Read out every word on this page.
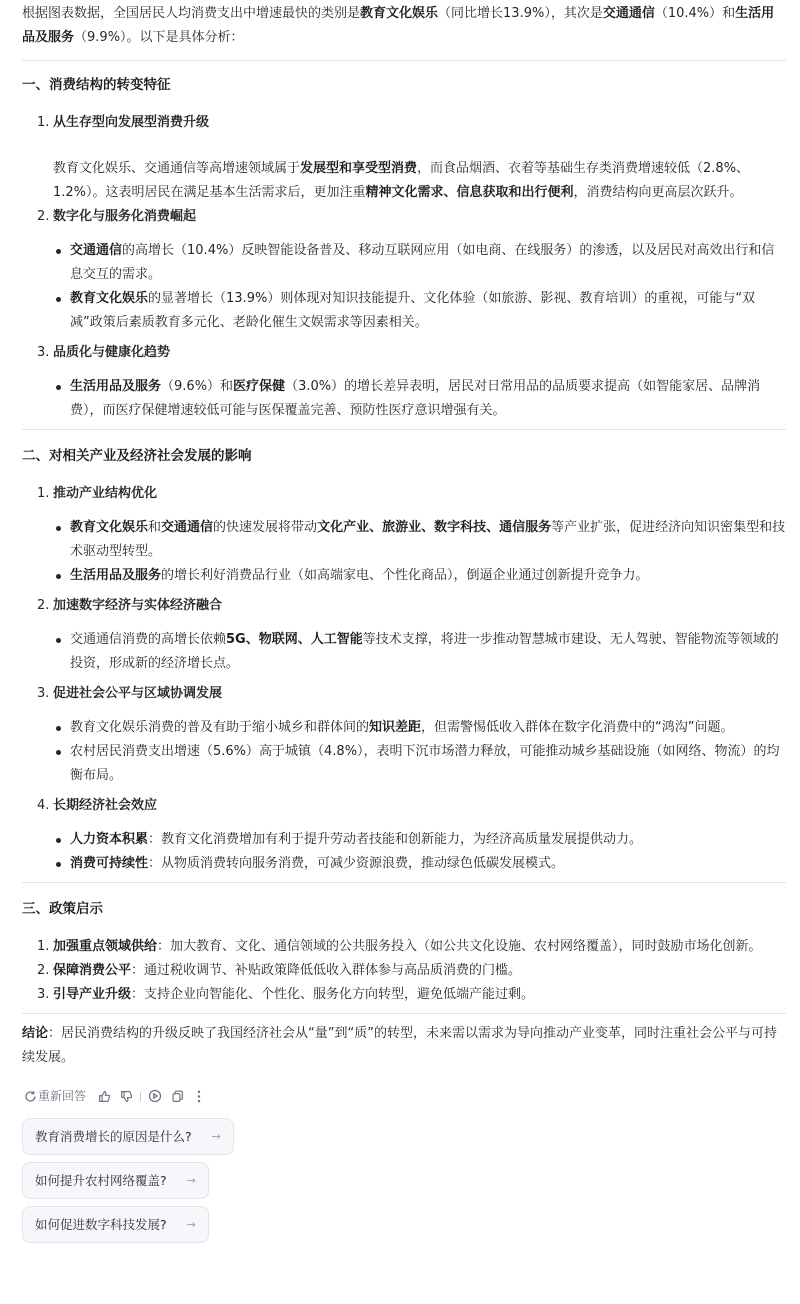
根据图表数据，全国居民人均消费支出中增速最快的类别是教育文化娱乐（同比增长13.9%），其次是交通通信（10.4%）和生活用品及服务（9.9%）。以下是具体分析：

一、消费结构的转变特征
1. 从生存型向发展型消费升级

教育文化娱乐、交通通信等高增速领域属于发展型和享受型消费，而食品烟酒、衣着等基础生存类消费增速较低（2.8%、1.2%）。这表明居民在满足基本生活需求后，更加注重精神文化需求、信息获取和出行便利，消费结构向更高层次跃升。

2. 数字化与服务化消费崛起
交通通信的高增长（10.4%）反映智能设备普及、移动互联网应用（如电商、在线服务）的渗透，以及居民对高效出行和信息交互的需求。
教育文化娱乐的显著增长（13.9%）则体现对知识技能提升、文化体验（如旅游、影视、教育培训）的重视，可能与“双减”政策后素质教育多元化、老龄化催生文娱需求等因素相关。
3. 品质化与健康化趋势
生活用品及服务（9.6%）和医疗保健（3.0%）的增长差异表明，居民对日常用品的品质要求提高（如智能家居、品牌消费），而医疗保健增速较低可能与医保覆盖完善、预防性医疗意识增强有关。
二、对相关产业及经济社会发展的影响
1. 推动产业结构优化
教育文化娱乐和交通通信的快速发展将带动文化产业、旅游业、数字科技、通信服务等产业扩张，促进经济向知识密集型和技术驱动型转型。
生活用品及服务的增长利好消费品行业（如高端家电、个性化商品），倒逼企业通过创新提升竞争力。
2. 加速数字经济与实体经济融合
交通通信消费的高增长依赖5G、物联网、人工智能等技术支撑，将进一步推动智慧城市建设、无人驾驶、智能物流等领域的投资，形成新的经济增长点。
3. 促进社会公平与区域协调发展
教育文化娱乐消费的普及有助于缩小城乡和群体间的知识差距，但需警惕低收入群体在数字化消费中的“鸿沟”问题。
农村居民消费支出增速（5.6%）高于城镇（4.8%），表明下沉市场潜力释放，可能推动城乡基础设施（如网络、物流）的均衡布局。
4. 长期经济社会效应
人力资本积累：教育文化消费增加有利于提升劳动者技能和创新能力，为经济高质量发展提供动力。
消费可持续性：从物质消费转向服务消费，可减少资源浪费，推动绿色低碳发展模式。
三、政策启示
1. 加强重点领域供给：加大教育、文化、通信领域的公共服务投入（如公共文化设施、农村网络覆盖），同时鼓励市场化创新。
2. 保障消费公平：通过税收调节、补贴政策降低低收入群体参与高品质消费的门槛。
3. 引导产业升级：支持企业向智能化、个性化、服务化方向转型，避免低端产能过剩。

结论：居民消费结构的升级反映了我国经济社会从“量”到“质”的转型，未来需以需求为导向推动产业变革，同时注重社会公平与可持续发展。

重新回答
教育消费增长的原因是什么? →
如何提升农村网络覆盖? →
如何促进数字科技发展? →
